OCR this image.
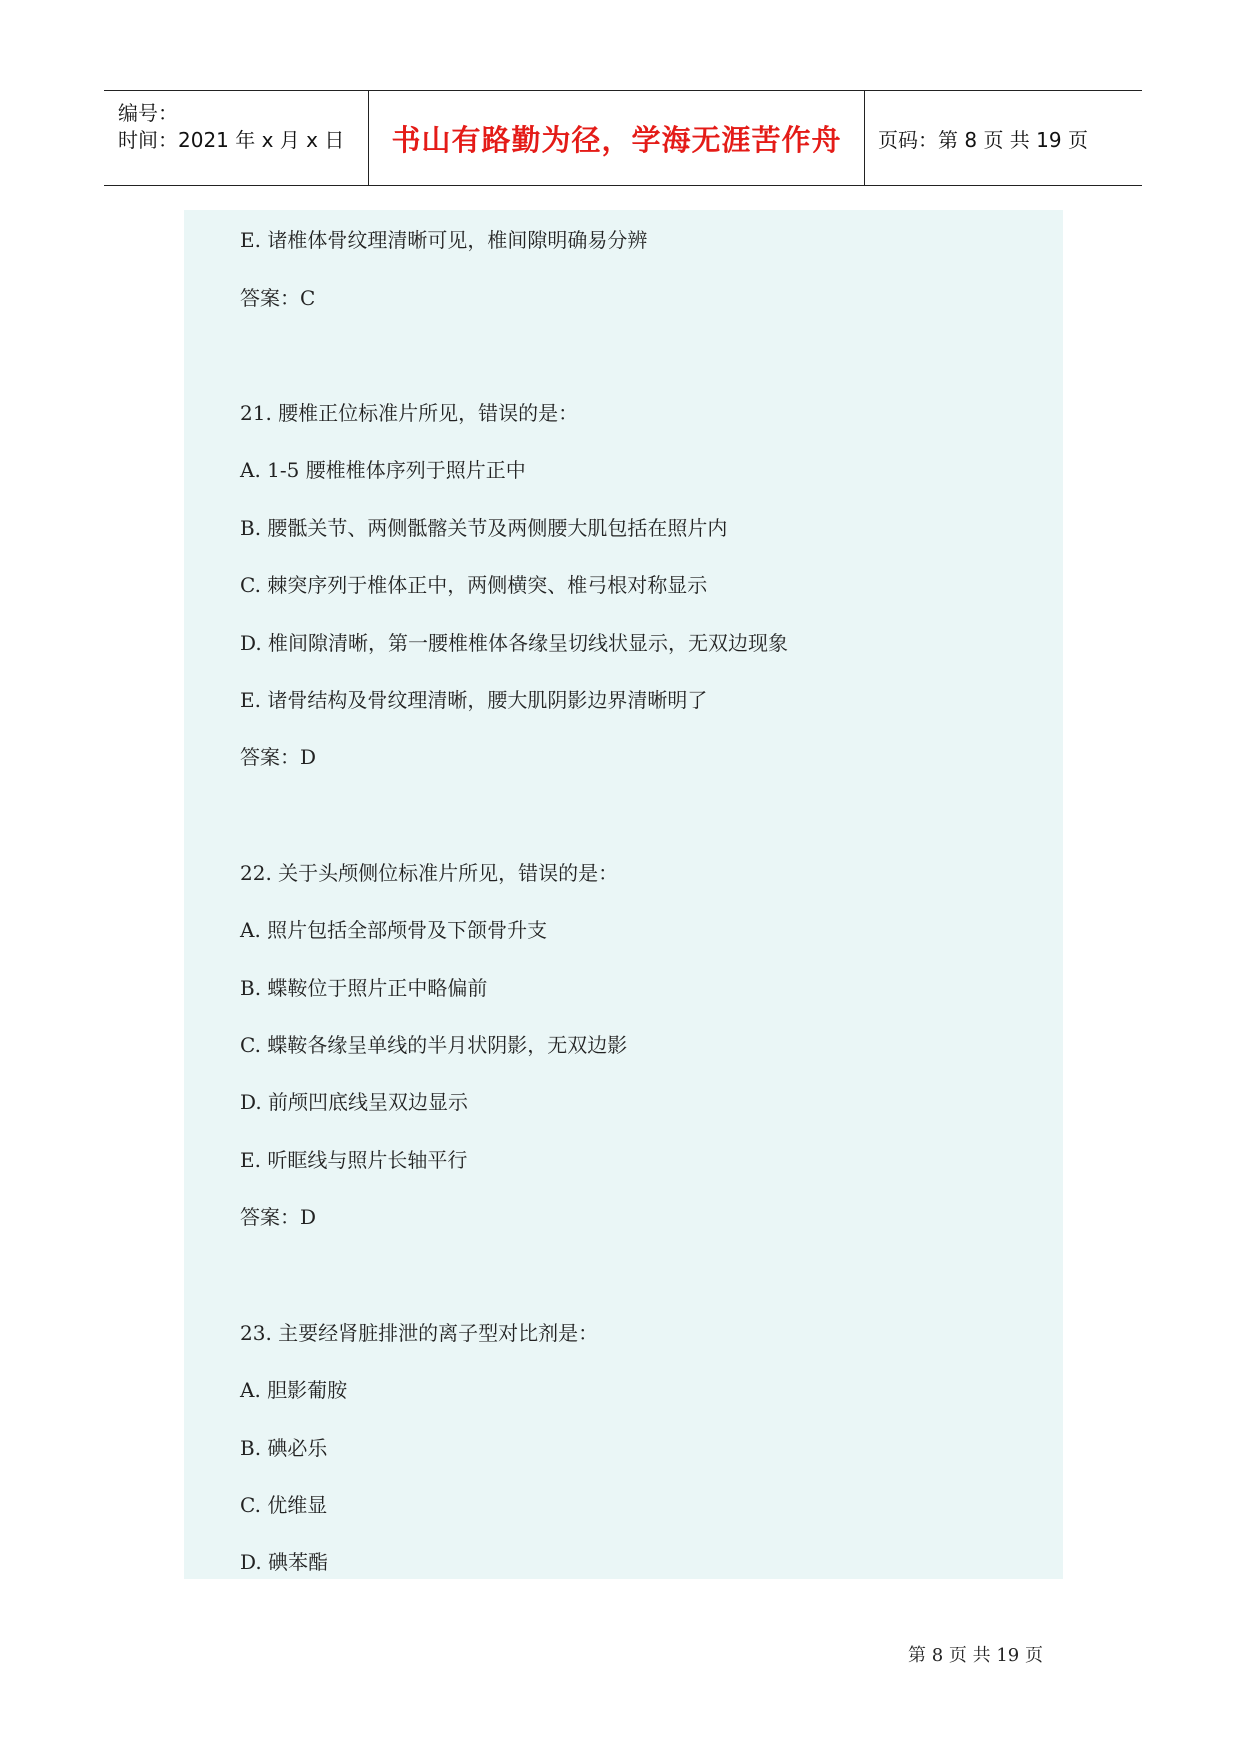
编号：
时间：2021 年 x 月 x 日 书山有路勤为径，学海无涯苦作舟	页码：第 8 页 共 19 页
E. 诸椎体骨纹理清晰可见，椎间隙明确易分辨
答案：C
21. 腰椎正位标准片所见，错误的是：
A. 1-5 腰椎椎体序列于照片正中
B. 腰骶关节、两侧骶髂关节及两侧腰大肌包括在照片内
C. 棘突序列于椎体正中，两侧横突、椎弓根对称显示
D. 椎间隙清晰，第一腰椎椎体各缘呈切线状显示，无双边现象
E. 诸骨结构及骨纹理清晰，腰大肌阴影边界清晰明了
答案：D
22. 关于头颅侧位标准片所见，错误的是：
A. 照片包括全部颅骨及下颌骨升支
B. 蝶鞍位于照片正中略偏前
C. 蝶鞍各缘呈单线的半月状阴影，无双边影
D. 前颅凹底线呈双边显示
E. 听眶线与照片长轴平行
答案：D
23. 主要经肾脏排泄的离子型对比剂是：
A. 胆影葡胺
B. 碘必乐
C. 优维显
D. 碘苯酯
第 8 页 共 19 页
